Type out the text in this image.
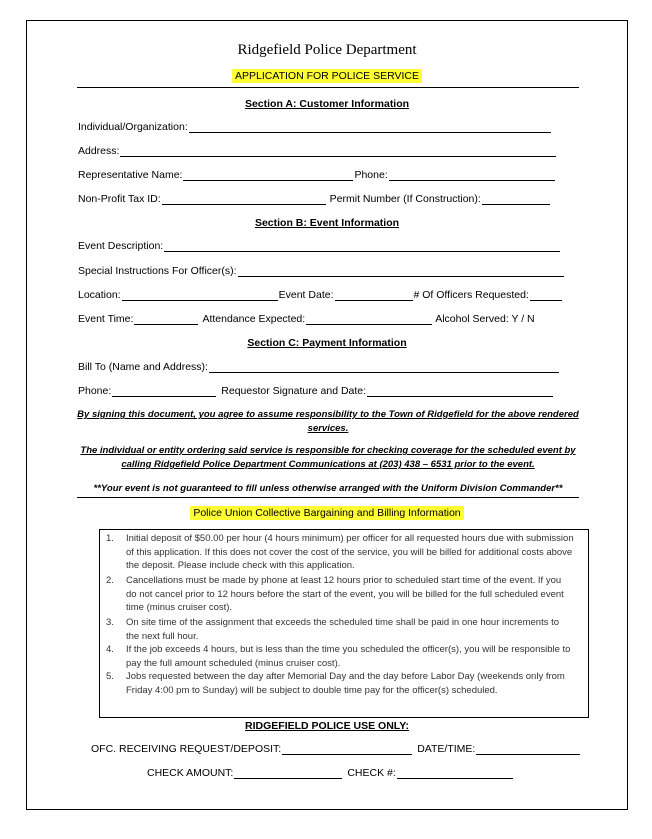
Ridgefield Police Department
APPLICATION FOR POLICE SERVICE
Section A: Customer Information
Individual/Organization:
Address:
Representative Name:	Phone:
Non-Profit Tax ID:	Permit Number (If Construction):
Section B: Event Information
Event Description:
Special Instructions For Officer(s):
Location:	Event Date:	# Of Officers Requested:
Event Time:	Attendance Expected:	Alcohol Served: Y / N
Section C: Payment Information
Bill To (Name and Address):
Phone:	Requestor Signature and Date:
By signing this document, you agree to assume responsibility to the Town of Ridgefield for the above rendered services.
The individual or entity ordering said service is responsible for checking coverage for the scheduled event by calling Ridgefield Police Department Communications at (203) 438 – 6531 prior to the event.
**Your event is not guaranteed to fill unless otherwise arranged with the Uniform Division Commander**
Police Union Collective Bargaining and Billing Information
1. Initial deposit of $50.00 per hour (4 hours minimum) per officer for all requested hours due with submission of this application. If this does not cover the cost of the service, you will be billed for additional costs above the deposit. Please include check with this application.
2. Cancellations must be made by phone at least 12 hours prior to scheduled start time of the event. If you do not cancel prior to 12 hours before the start of the event, you will be billed for the full scheduled event time (minus cruiser cost).
3. On site time of the assignment that exceeds the scheduled time shall be paid in one hour increments to the next full hour.
4. If the job exceeds 4 hours, but is less than the time you scheduled the officer(s), you will be responsible to pay the full amount scheduled (minus cruiser cost).
5. Jobs requested between the day after Memorial Day and the day before Labor Day (weekends only from Friday 4:00 pm to Sunday) will be subject to double time pay for the officer(s) scheduled.
RIDGEFIELD POLICE USE ONLY:
OFC. RECEIVING REQUEST/DEPOSIT:	DATE/TIME:
CHECK AMOUNT:	CHECK #:
